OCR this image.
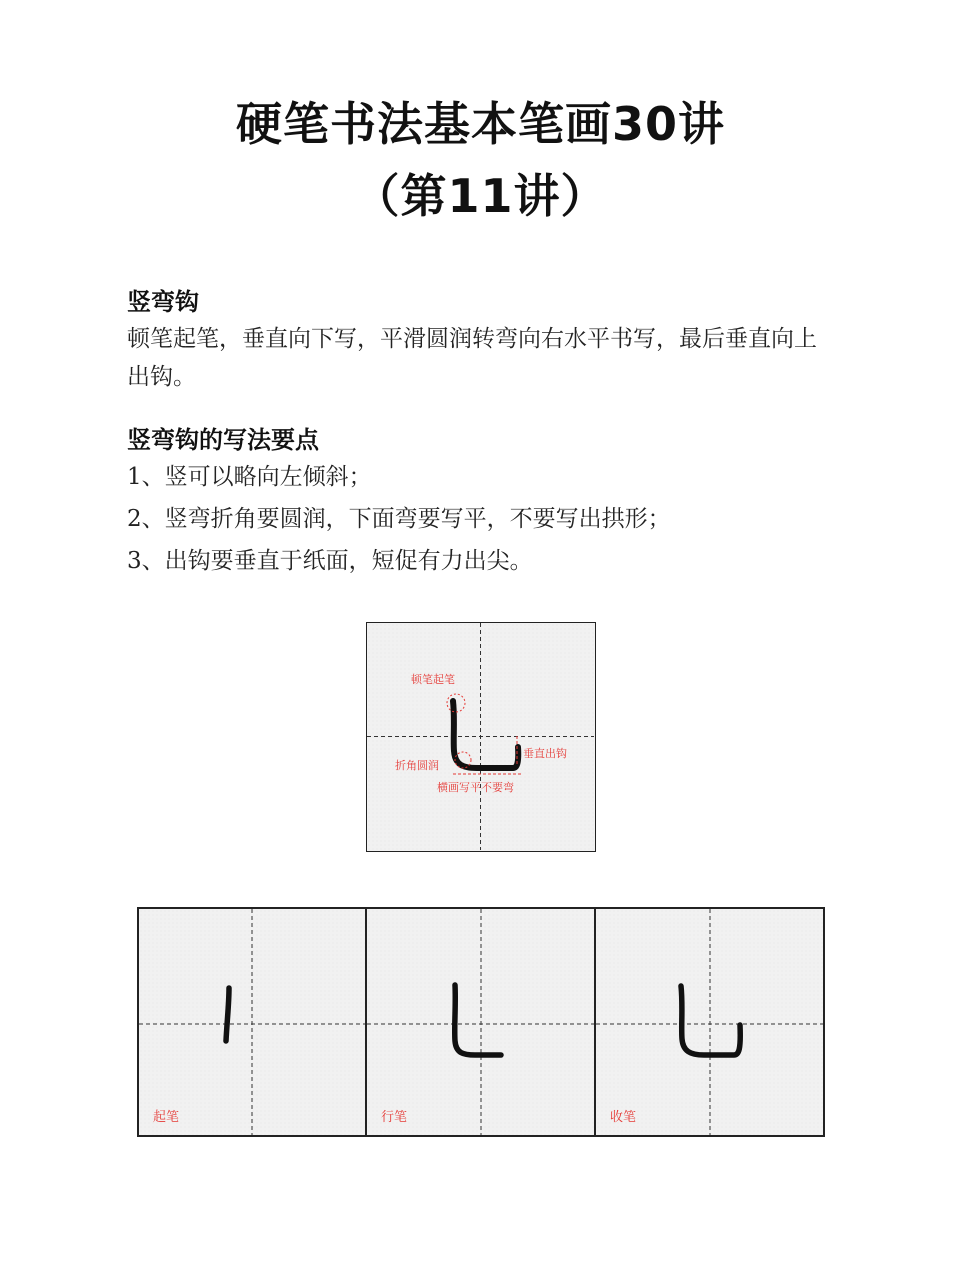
硬笔书法基本笔画30讲
（第11讲）
竖弯钩
顿笔起笔，垂直向下写，平滑圆润转弯向右水平书写，最后垂直向上出钩。
竖弯钩的写法要点
1、竖可以略向左倾斜；
2、竖弯折角要圆润，下面弯要写平，不要写出拱形；
3、出钩要垂直于纸面，短促有力出尖。
顿笔起笔
折角圆润
垂直出钩
横画写平不要弯
起笔	行笔	收笔
